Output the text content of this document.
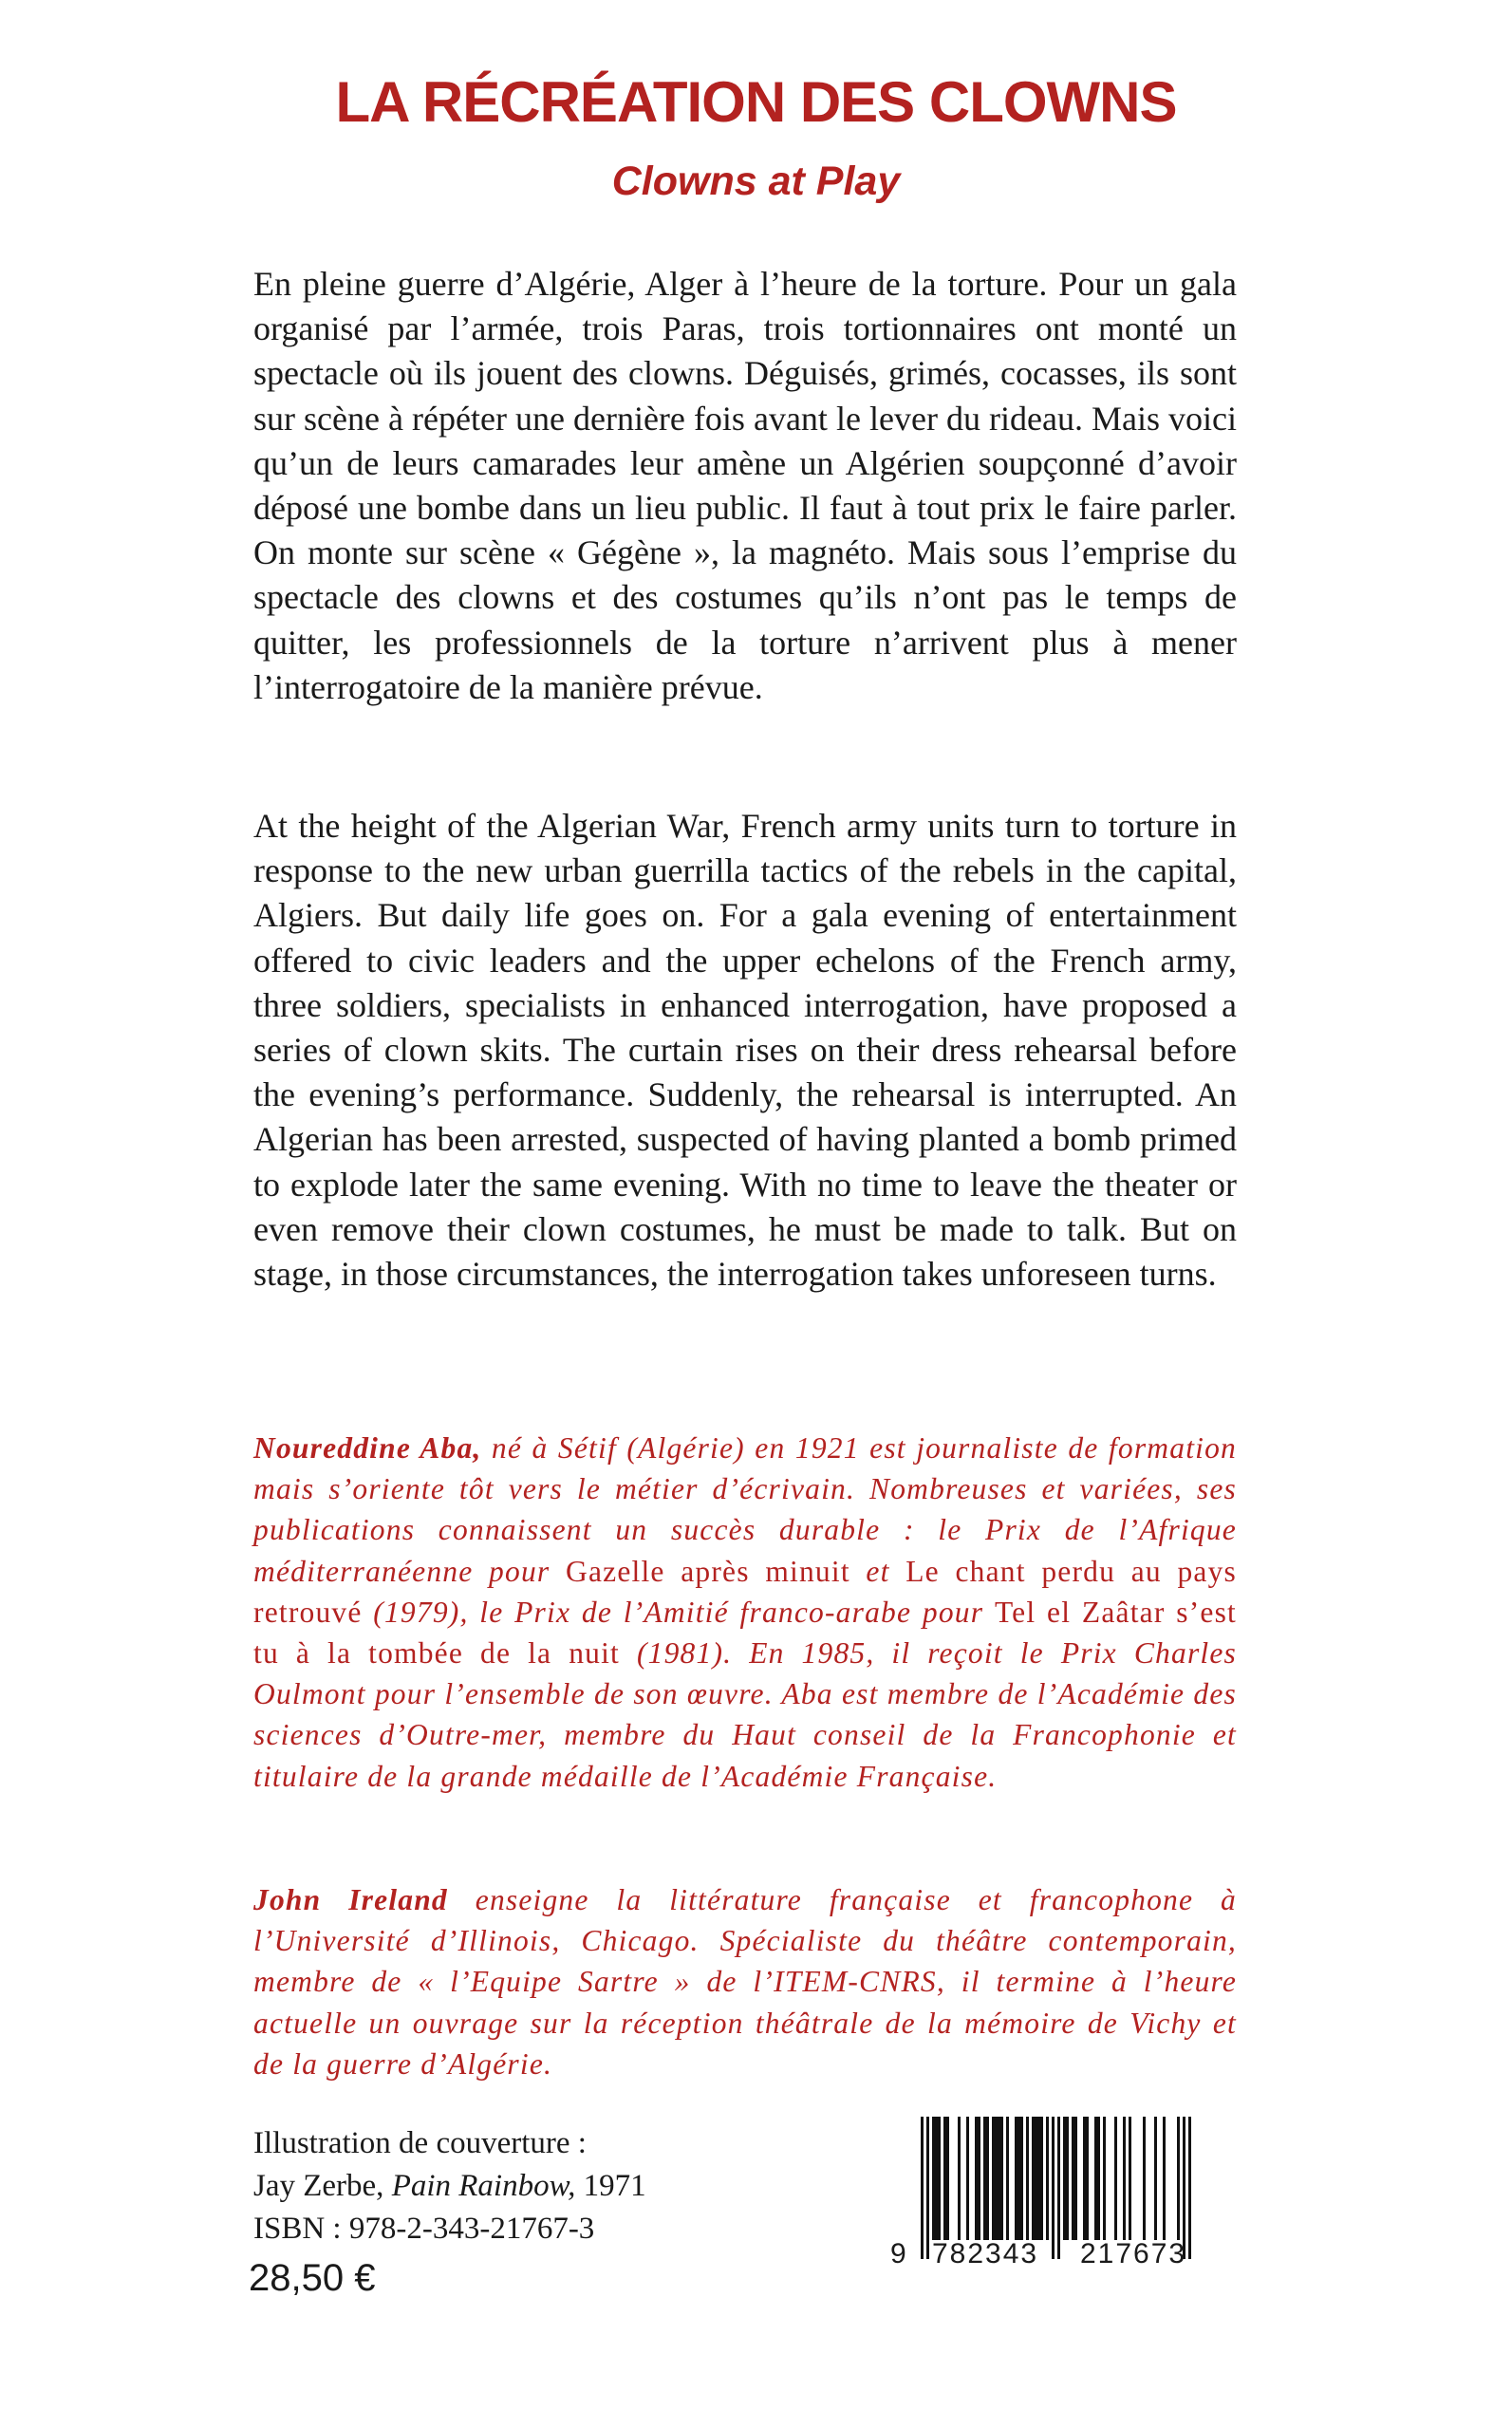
LA RÉCRÉATION DES CLOWNS
Clowns at Play

En pleine guerre d’Algérie, Alger à l’heure de la torture. Pour un gala organisé par l’armée, trois Paras, trois tortionnaires ont monté un spectacle où ils jouent des clowns. Déguisés, grimés, cocasses, ils sont sur scène à répéter une dernière fois avant le lever du rideau. Mais voici qu’un de leurs camarades leur amène un Algérien soupçonné d’avoir déposé une bombe dans un lieu public. Il faut à tout prix le faire parler. On monte sur scène « Gégène », la magnéto. Mais sous l’emprise du spectacle des clowns et des costumes qu’ils n’ont pas le temps de quitter, les professionnels de la torture n’arrivent plus à mener l’interrogatoire de la manière prévue.

At the height of the Algerian War, French army units turn to torture in response to the new urban guerrilla tactics of the rebels in the capital, Algiers. But daily life goes on. For a gala evening of entertainment offered to civic leaders and the upper echelons of the French army, three soldiers, specialists in enhanced interrogation, have proposed a series of clown skits. The curtain rises on their dress rehearsal before the evening’s performance. Suddenly, the rehearsal is interrupted. An Algerian has been arrested, suspected of having planted a bomb primed to explode later the same evening. With no time to leave the theater or even remove their clown costumes, he must be made to talk. But on stage, in those circumstances, the interrogation takes unforeseen turns.

Noureddine Aba, né à Sétif (Algérie) en 1921 est journaliste de formation mais s’oriente tôt vers le métier d’écrivain. Nombreuses et variées, ses publications connaissent un succès durable : le Prix de l’Afrique méditerranéenne pour Gazelle après minuit et Le chant perdu au pays retrouvé (1979), le Prix de l’Amitié franco-arabe pour Tel el Zaâtar s’est tu à la tombée de la nuit (1981). En 1985, il reçoit le Prix Charles Oulmont pour l’ensemble de son œuvre. Aba est membre de l’Académie des sciences d’Outre-mer, membre du Haut conseil de la Francophonie et titulaire de la grande médaille de l’Académie Française.

John Ireland enseigne la littérature française et francophone à l’Université d’Illinois, Chicago. Spécialiste du théâtre contemporain, membre de « l’Equipe Sartre » de l’ITEM-CNRS, il termine à l’heure actuelle un ouvrage sur la réception théâtrale de la mémoire de Vichy et de la guerre d’Algérie.

Illustration de couverture :
Jay Zerbe, Pain Rainbow, 1971
ISBN : 978-2-343-21767-3
28,50 €
9 782343 217673
